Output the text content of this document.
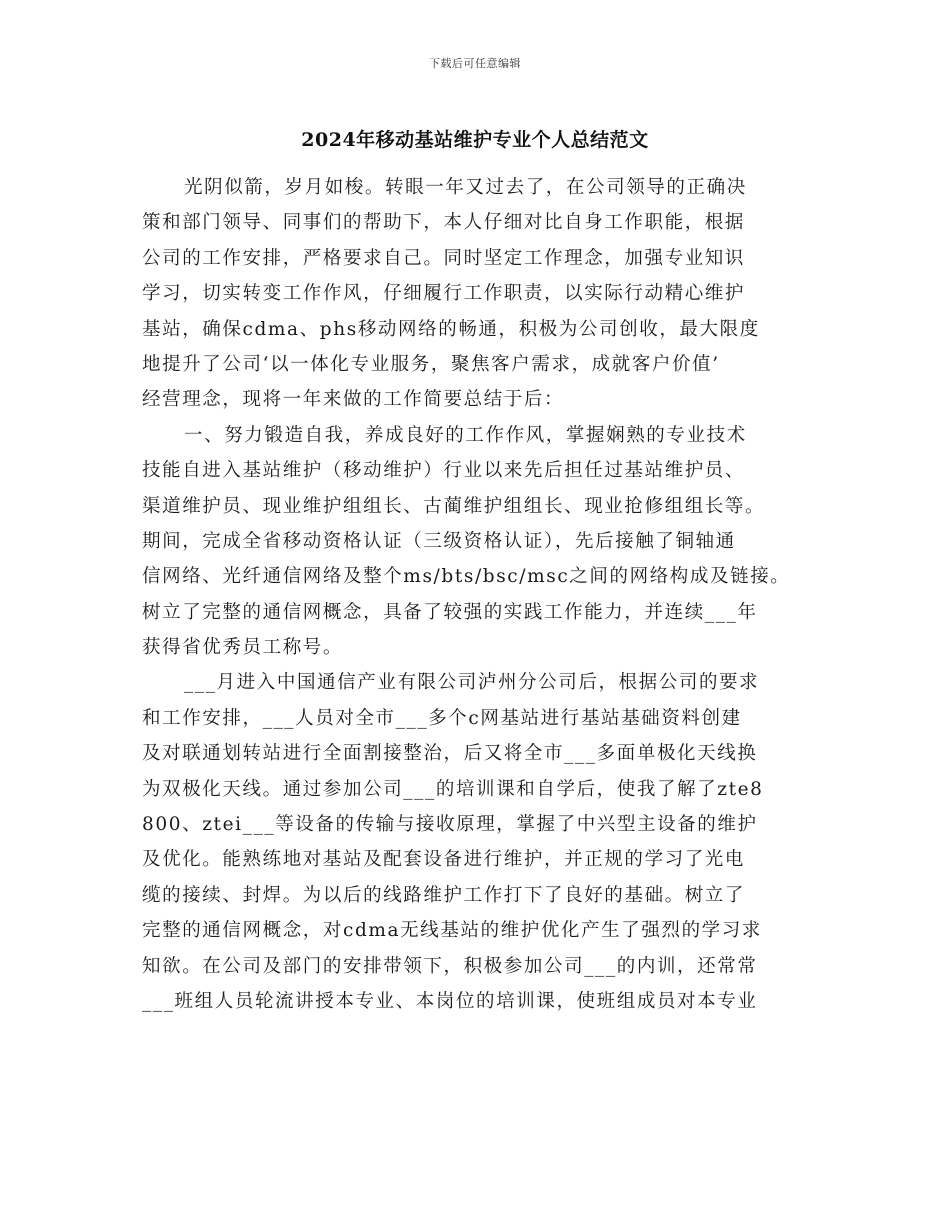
下载后可任意编辑
2024年移动基站维护专业个人总结范文
光阴似箭，岁月如梭。转眼一年又过去了，在公司领导的正确决
策和部门领导、同事们的帮助下，本人仔细对比自身工作职能，根据
公司的工作安排，严格要求自己。同时坚定工作理念，加强专业知识
学习，切实转变工作作风，仔细履行工作职责，以实际行动精心维护
基站，确保cdma、phs移动网络的畅通，积极为公司创收，最大限度
地提升了公司‘以一体化专业服务，聚焦客户需求，成就客户价值’
经营理念，现将一年来做的工作简要总结于后：
一、努力锻造自我，养成良好的工作作风，掌握娴熟的专业技术
技能自进入基站维护（移动维护）行业以来先后担任过基站维护员、
渠道维护员、现业维护组组长、古蔺维护组组长、现业抢修组组长等。
期间，完成全省移动资格认证（三级资格认证），先后接触了铜轴通
信网络、光纤通信网络及整个ms/bts/bsc/msc之间的网络构成及链接。
树立了完整的通信网概念，具备了较强的实践工作能力，并连续___年
获得省优秀员工称号。
___月进入中国通信产业有限公司泸州分公司后，根据公司的要求
和工作安排，___人员对全市___多个c网基站进行基站基础资料创建
及对联通划转站进行全面割接整治，后又将全市___多面单极化天线换
为双极化天线。通过参加公司___的培训课和自学后，使我了解了zte8
800、ztei___等设备的传输与接收原理，掌握了中兴型主设备的维护
及优化。能熟练地对基站及配套设备进行维护，并正规的学习了光电
缆的接续、封焊。为以后的线路维护工作打下了良好的基础。树立了
完整的通信网概念，对cdma无线基站的维护优化产生了强烈的学习求
知欲。在公司及部门的安排带领下，积极参加公司___的内训，还常常
___班组人员轮流讲授本专业、本岗位的培训课，使班组成员对本专业
